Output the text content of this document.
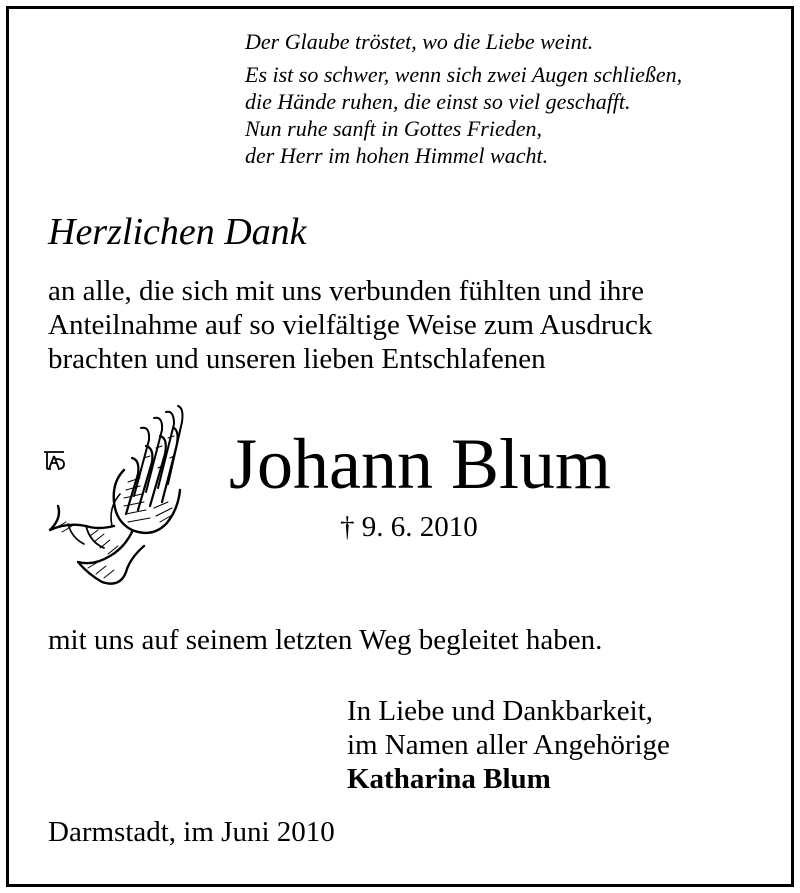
Der Glaube tröstet, wo die Liebe weint.
Es ist so schwer, wenn sich zwei Augen schließen,
die Hände ruhen, die einst so viel geschafft.
Nun ruhe sanft in Gottes Frieden,
der Herr im hohen Himmel wacht.
Herzlichen Dank
an alle, die sich mit uns verbunden fühlten und ihre
Anteilnahme auf so vielfältige Weise zum Ausdruck
brachten und unseren lieben Entschlafenen
Johann Blum
† 9. 6. 2010
mit uns auf seinem letzten Weg begleitet haben.
In Liebe und Dankbarkeit,
im Namen aller Angehörige
Katharina Blum
Darmstadt, im Juni 2010
